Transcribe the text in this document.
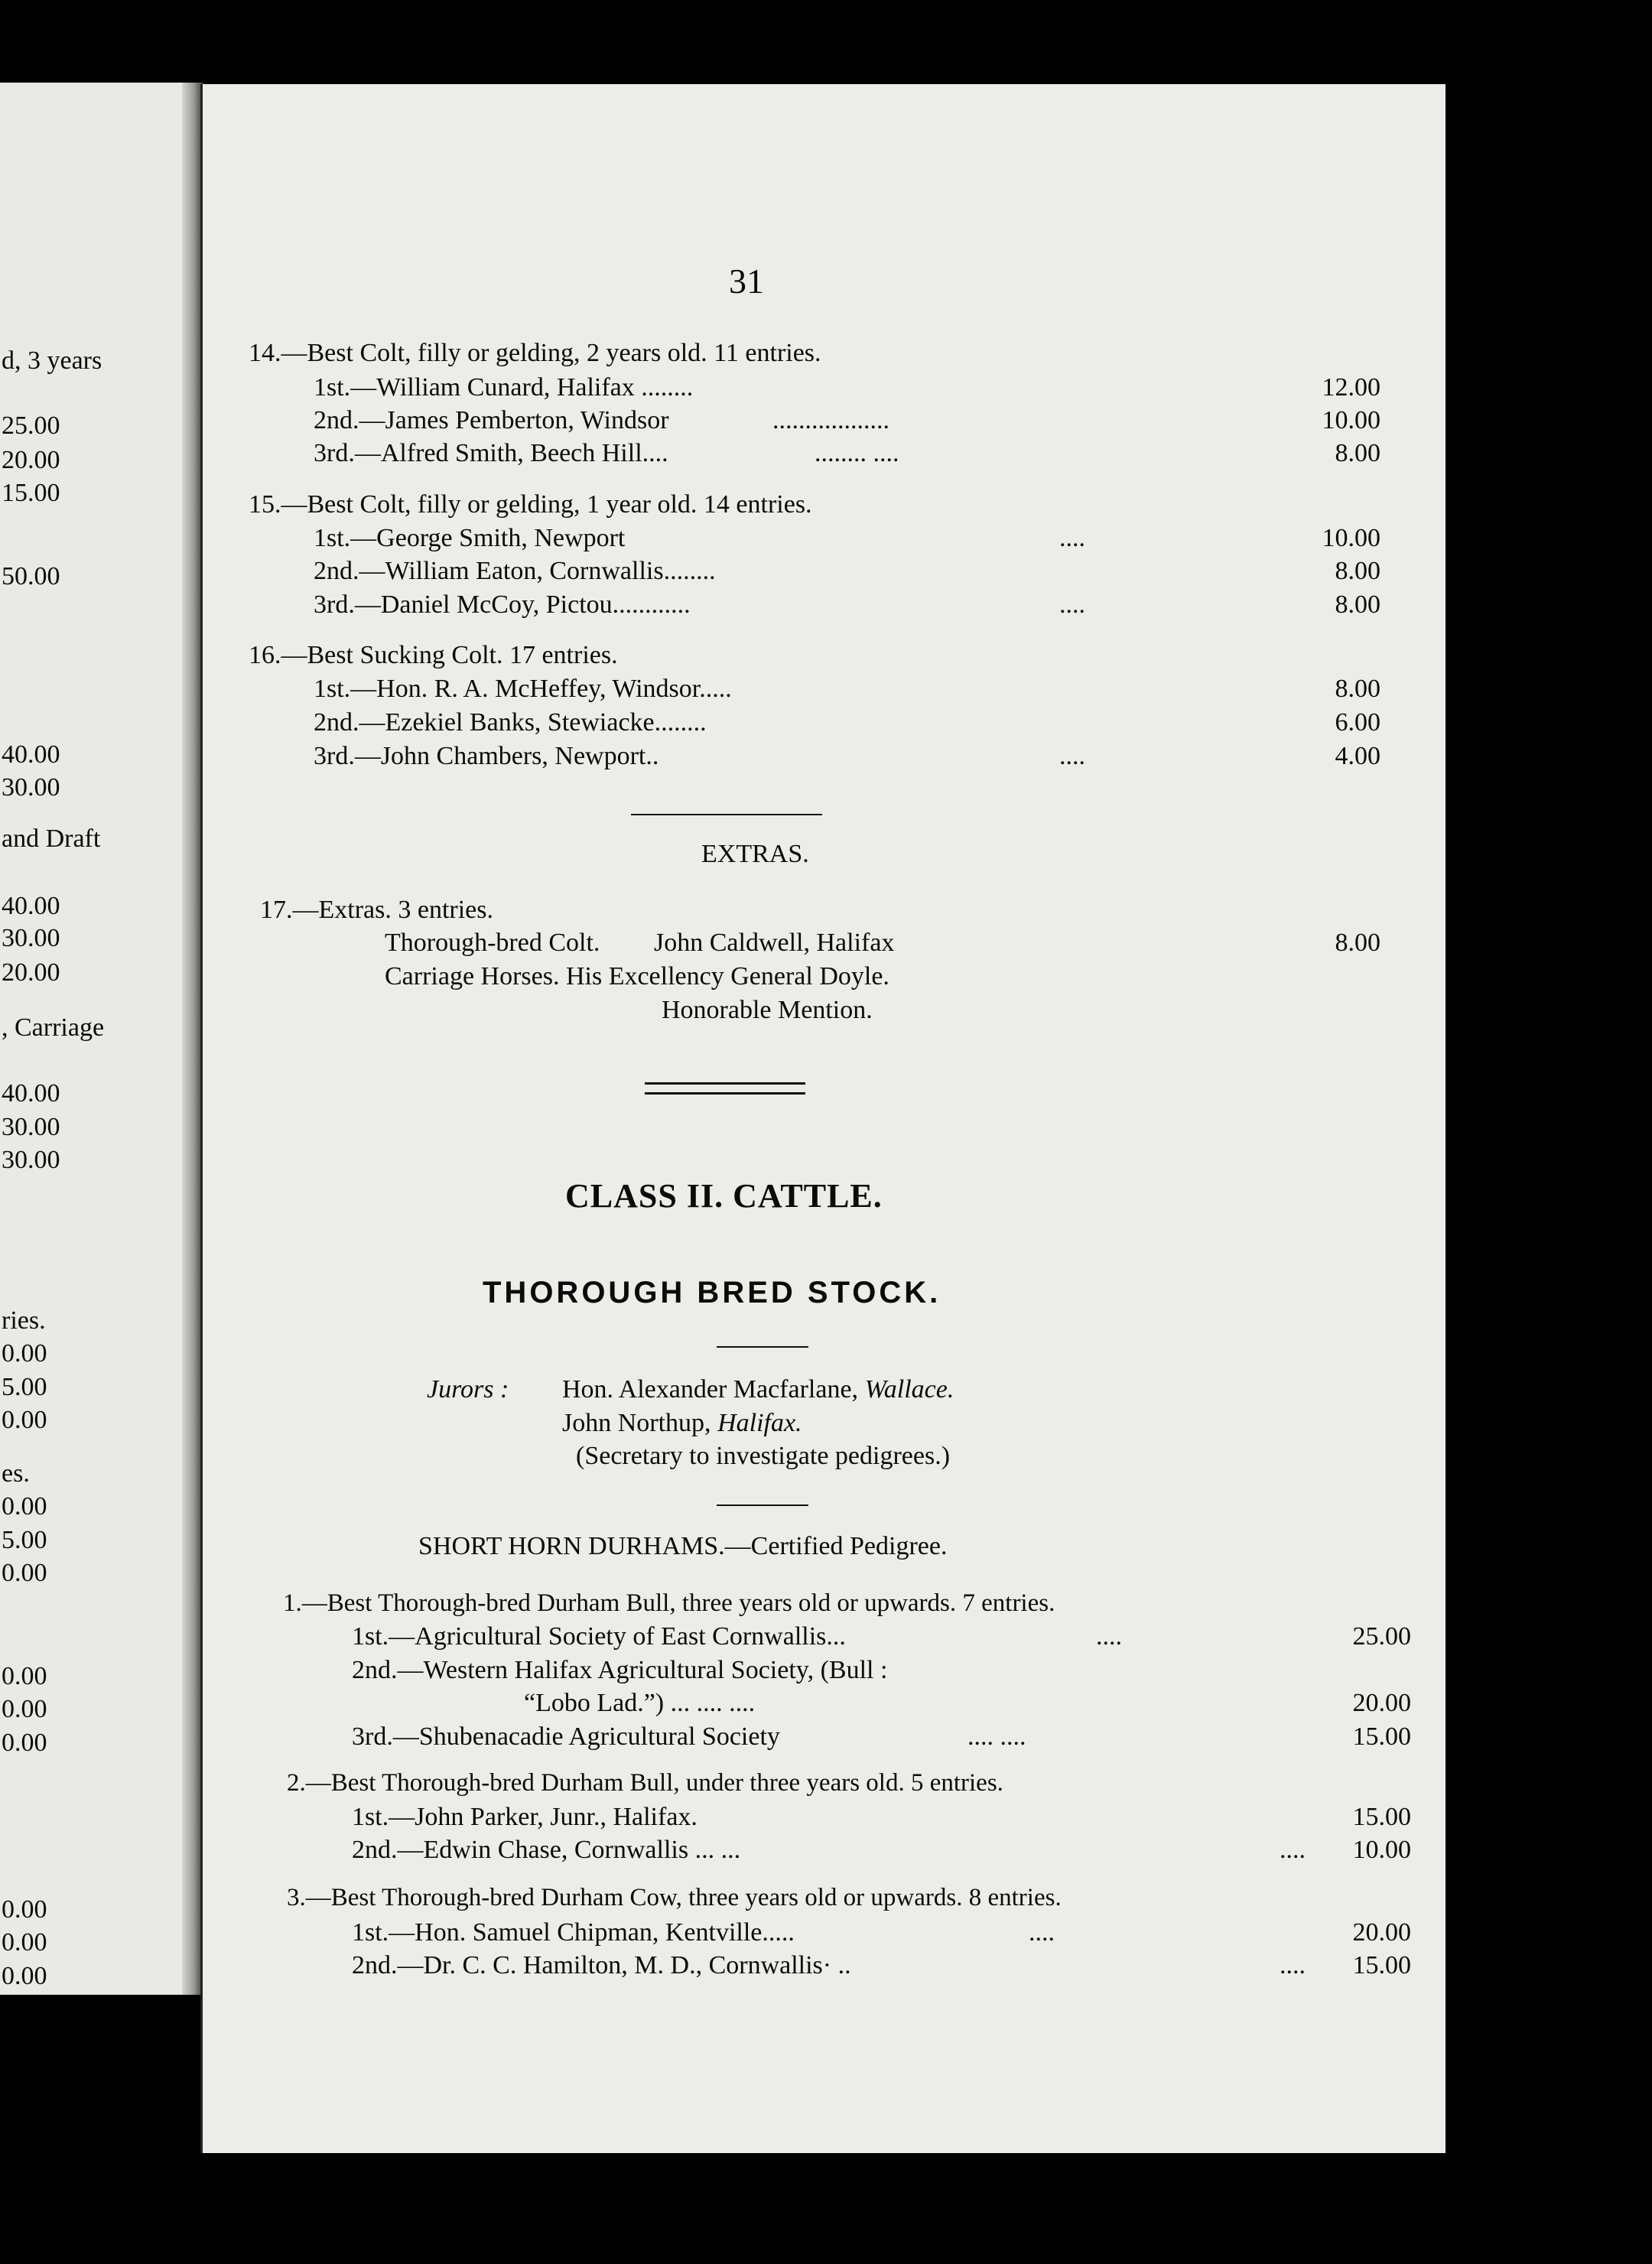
d, 3 years
25.00
20.00
15.00
50.00
40.00
30.00
and Draft
40.00
30.00
20.00
, Carriage
40.00
30.00
30.00
ries.
0.00
5.00
0.00
es.
0.00
5.00
0.00
0.00
0.00
0.00
0.00
0.00
0.00
31
14.—Best Colt, filly or gelding, 2 years old. 11 entries.
1st.—William Cunard, Halifax ........	12.00
2nd.—James Pemberton, Windsor	..................	10.00
3rd.—Alfred Smith, Beech Hill....	........ ....	8.00
15.—Best Colt, filly or gelding, 1 year old. 14 entries.
1st.—George Smith, Newport	....	10.00
2nd.—William Eaton, Cornwallis........	8.00
3rd.—Daniel McCoy, Pictou............	....	8.00
16.—Best Sucking Colt. 17 entries.
1st.—Hon. R. A. McHeffey, Windsor.....	8.00
2nd.—Ezekiel Banks, Stewiacke........	6.00
3rd.—John Chambers, Newport..	....	4.00
EXTRAS.
17.—Extras. 3 entries.
Thorough-bred Colt. John Caldwell, Halifax	8.00
Carriage Horses. His Excellency General Doyle.
Honorable Mention.
CLASS II. CATTLE.
THOROUGH BRED STOCK.
Jurors : Hon. Alexander Macfarlane, Wallace.
John Northup, Halifax.
(Secretary to investigate pedigrees.)
SHORT HORN DURHAMS.—Certified Pedigree.
1.—Best Thorough-bred Durham Bull, three years old or upwards. 7 entries.
1st.—Agricultural Society of East Cornwallis...	....	25.00
2nd.—Western Halifax Agricultural Society, (Bull :
“Lobo Lad.”) ... .... ....	20.00
3rd.—Shubenacadie Agricultural Society	.... ....	15.00
2.—Best Thorough-bred Durham Bull, under three years old. 5 entries.
1st.—John Parker, Junr., Halifax.	15.00
2nd.—Edwin Chase, Cornwallis ... ...	.... 10.00
3.—Best Thorough-bred Durham Cow, three years old or upwards. 8 entries.
1st.—Hon. Samuel Chipman, Kentville.....	....	20.00
2nd.—Dr. C. C. Hamilton, M. D., Cornwallis· ..	.... 15.00
